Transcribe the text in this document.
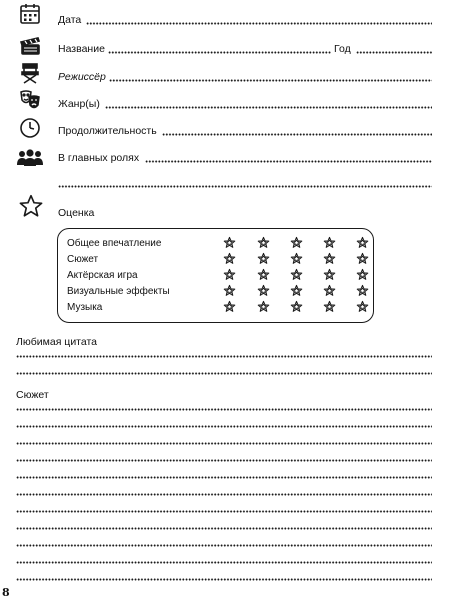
Дата
Название	Год
Режиссёр
Жанр(ы)
Продолжительность
В главных ролях
Оценка
Общее впечатление
Сюжет
Актёрская игра
Визуальные эффекты
Музыка
Любимая цитата
Сюжет
8
